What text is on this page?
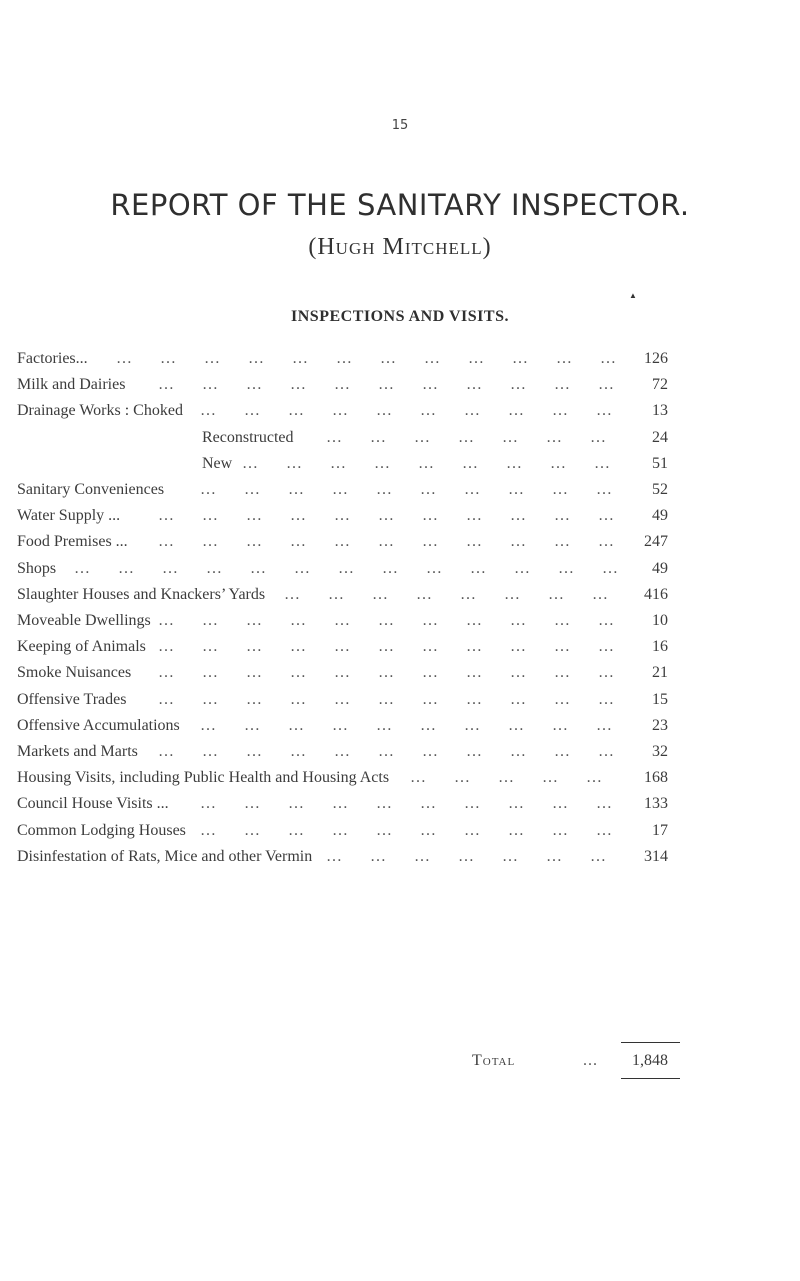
15
REPORT OF THE SANITARY INSPECTOR.
(Hugh Mitchell)
▲
INSPECTIONS AND VISITS.
Factories...	126
… … … … … … … … … … … …
Milk and Dairies	72
… … … … … … … … … … …
Drainage Works : Choked	13
… … … … … … … … … …
Reconstructed	24
… … … … … … …
New	51
… … … … … … … … …
Sanitary Conveniences	52
… … … … … … … … … …
Water Supply ...	49
… … … … … … … … … … …
Food Premises ...	247
… … … … … … … … … … …
Shops	49
… … … … … … … … … … … … …
Slaughter Houses and Knackers’ Yards	416
… … … … … … … …
Moveable Dwellings	10
… … … … … … … … … … …
Keeping of Animals	16
… … … … … … … … … … …
Smoke Nuisances	21
… … … … … … … … … … …
Offensive Trades	15
… … … … … … … … … … …
Offensive Accumulations	23
… … … … … … … … … …
Markets and Marts	32
… … … … … … … … … … …
Housing Visits, including Public Health and Housing Acts	168
… … … … …
Council House Visits ...	133
… … … … … … … … … …
Common Lodging Houses	17
… … … … … … … … … …
Disinfestation of Rats, Mice and other Vermin	314
… … … … … … …
Total	... 1,848
